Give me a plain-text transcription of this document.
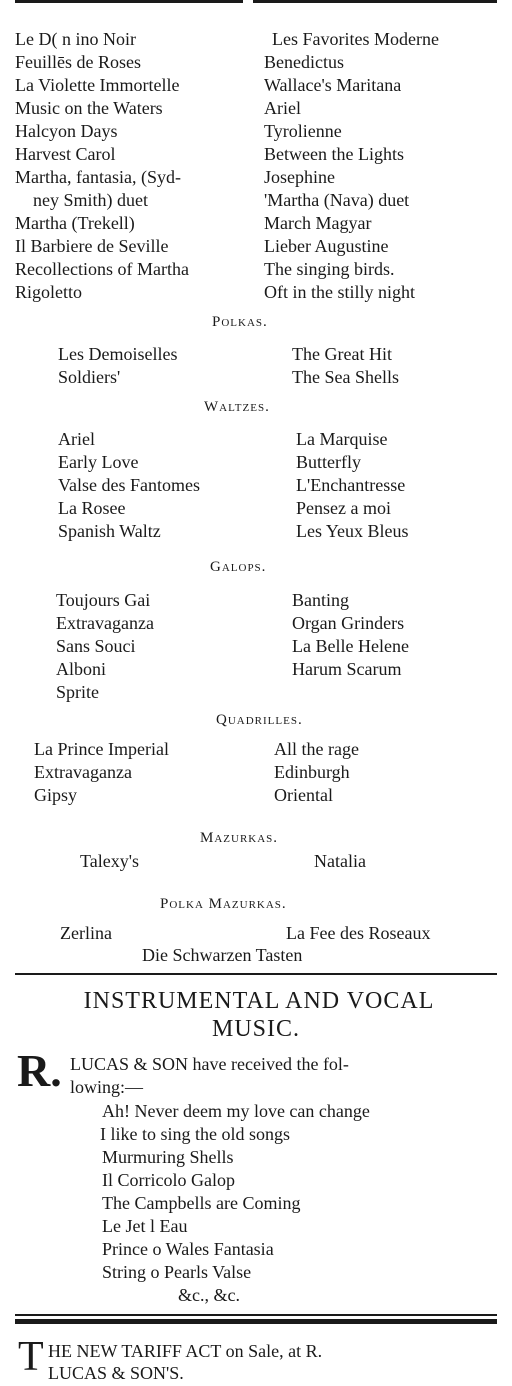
Le D( n ino Noir
Feuillēs de Roses
La Violette Immortelle
Music on the Waters
Halcyon Days
Harvest Carol
Martha, fantasia, (Syd-
ney Smith) duet
Martha (Trekell)
Il Barbiere de Seville
Recollections of Martha
Rigoletto
Les Favorites Moderne
Benedictus
Wallace's Maritana
Ariel
Tyrolienne
Between the Lights
Josephine
'Martha (Nava) duet
March Magyar
Lieber Augustine
The singing birds.
Oft in the stilly night
Polkas.
Les Demoiselles
Soldiers'
The Great Hit
The Sea Shells
Waltzes.
Ariel
Early Love
Valse des Fantomes
La Rosee
Spanish Waltz
La Marquise
Butterfly
L'Enchantresse
Pensez a moi
Les Yeux Bleus
Galops.
Toujours Gai
Extravaganza
Sans Souci
Alboni
Sprite
Banting
Organ Grinders
La Belle Helene
Harum Scarum
Quadrilles.
La Prince Imperial
Extravaganza
Gipsy
All the rage
Edinburgh
Oriental
Mazurkas.
Talexy's	Natalia
Polka Mazurkas.
Zerlina	La Fee des Roseaux
Die Schwarzen Tasten
INSTRUMENTAL AND VOCAL
MUSIC.
R. LUCAS & SON have received the fol-
lowing:—
Ah! Never deem my love can change
I like to sing the old songs
Murmuring Shells
Il Corricolo Galop
The Campbells are Coming
Le Jet l Eau
Prince o Wales Fantasia
String o Pearls Valse
&c., &c.
T HE NEW TARIFF ACT on Sale, at R.
LUCAS & SON'S.
